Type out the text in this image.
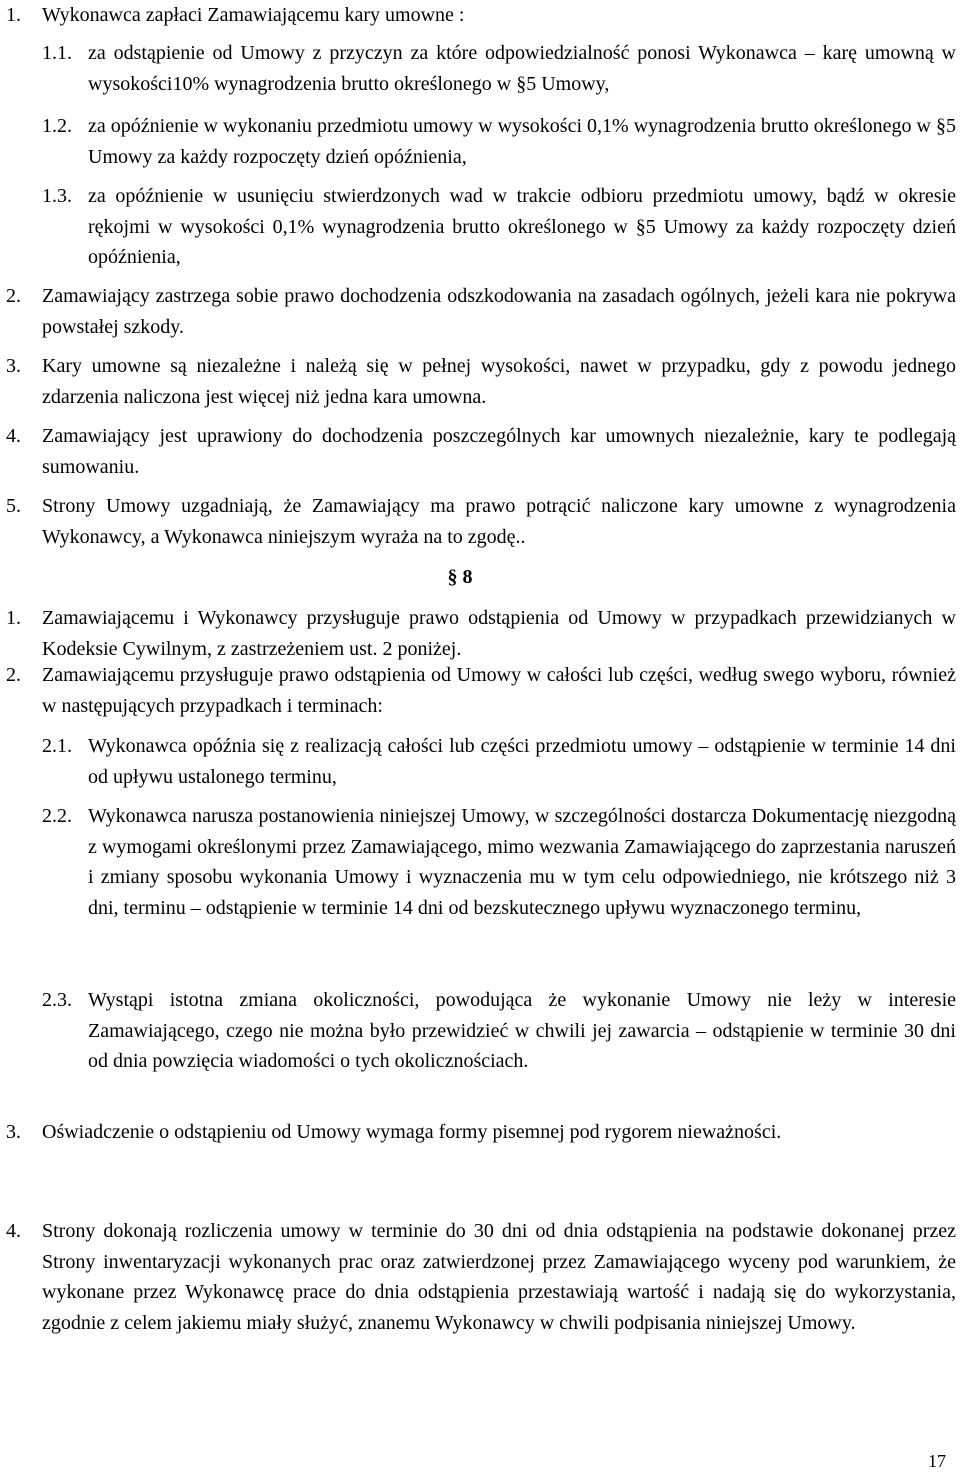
1. Wykonawca zapłaci Zamawiającemu kary umowne :
1.1. za odstąpienie od Umowy z przyczyn za które odpowiedzialność ponosi Wykonawca – karę umowną w wysokości10% wynagrodzenia brutto określonego w §5 Umowy,
1.2. za opóźnienie w wykonaniu przedmiotu umowy w wysokości 0,1% wynagrodzenia brutto określonego w §5 Umowy za każdy rozpoczęty dzień opóźnienia,
1.3. za opóźnienie w usunięciu stwierdzonych wad w trakcie odbioru przedmiotu umowy, bądź w okresie rękojmi w wysokości 0,1% wynagrodzenia brutto określonego w §5 Umowy za każdy rozpoczęty dzień opóźnienia,
2. Zamawiający zastrzega sobie prawo dochodzenia odszkodowania na zasadach ogólnych, jeżeli kara nie pokrywa powstałej szkody.
3. Kary umowne są niezależne i należą się w pełnej wysokości, nawet w przypadku, gdy z powodu jednego zdarzenia naliczona jest więcej niż jedna kara umowna.
4. Zamawiający jest uprawiony do dochodzenia poszczególnych kar umownych niezależnie, kary te podlegają sumowaniu.
5. Strony Umowy uzgadniają, że Zamawiający ma prawo potrącić naliczone kary umowne z wynagrodzenia Wykonawcy, a Wykonawca niniejszym wyraża na to zgodę..
§ 8
1. Zamawiającemu i Wykonawcy przysługuje prawo odstąpienia od Umowy w przypadkach przewidzianych w Kodeksie Cywilnym, z zastrzeżeniem ust. 2 poniżej.
2. Zamawiającemu przysługuje prawo odstąpienia od Umowy w całości lub części, według swego wyboru, również w następujących przypadkach i terminach:
2.1. Wykonawca opóźnia się z realizacją całości lub części przedmiotu umowy – odstąpienie w terminie 14 dni od upływu ustalonego terminu,
2.2. Wykonawca narusza postanowienia niniejszej Umowy, w szczególności dostarcza Dokumentację niezgodną z wymogami określonymi przez Zamawiającego, mimo wezwania Zamawiającego do zaprzestania naruszeń i zmiany sposobu wykonania Umowy i wyznaczenia mu w tym celu odpowiedniego, nie krótszego niż 3 dni, terminu – odstąpienie w terminie 14 dni od bezskutecznego upływu wyznaczonego terminu,
2.3. Wystąpi istotna zmiana okoliczności, powodująca że wykonanie Umowy nie leży w interesie Zamawiającego, czego nie można było przewidzieć w chwili jej zawarcia – odstąpienie w terminie 30 dni od dnia powzięcia wiadomości o tych okolicznościach.
3. Oświadczenie o odstąpieniu od Umowy wymaga formy pisemnej pod rygorem nieważności.
4. Strony dokonają rozliczenia umowy w terminie do 30 dni od dnia odstąpienia na podstawie dokonanej przez Strony inwentaryzacji wykonanych prac oraz zatwierdzonej przez Zamawiającego wyceny pod warunkiem, że wykonane przez Wykonawcę prace do dnia odstąpienia przestawiają wartość i nadają się do wykorzystania, zgodnie z celem jakiemu miały służyć, znanemu Wykonawcy w chwili podpisania niniejszej Umowy.
17
